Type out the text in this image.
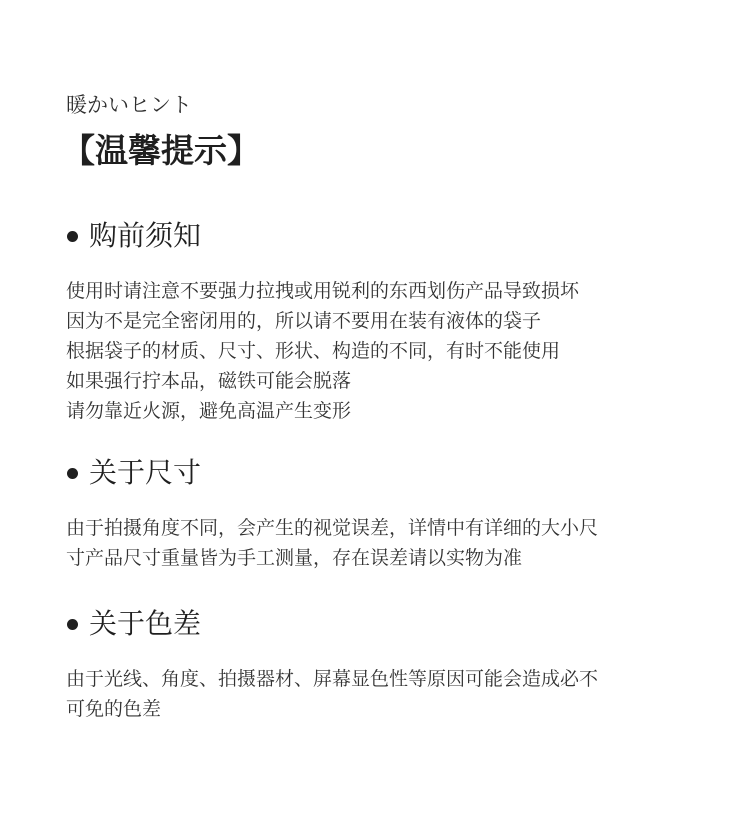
暖かいヒント
【温馨提示】
购前须知
使用时请注意不要强力拉拽或用锐利的东西划伤产品导致损坏
因为不是完全密闭用的，所以请不要用在装有液体的袋子
根据袋子的材质、尺寸、形状、构造的不同，有时不能使用
如果强行拧本品，磁铁可能会脱落
请勿靠近火源，避免高温产生变形
关于尺寸
由于拍摄角度不同，会产生的视觉误差，详情中有详细的大小尺
寸产品尺寸重量皆为手工测量，存在误差请以实物为准
关于色差
由于光线、角度、拍摄器材、屏幕显色性等原因可能会造成必不
可免的色差
